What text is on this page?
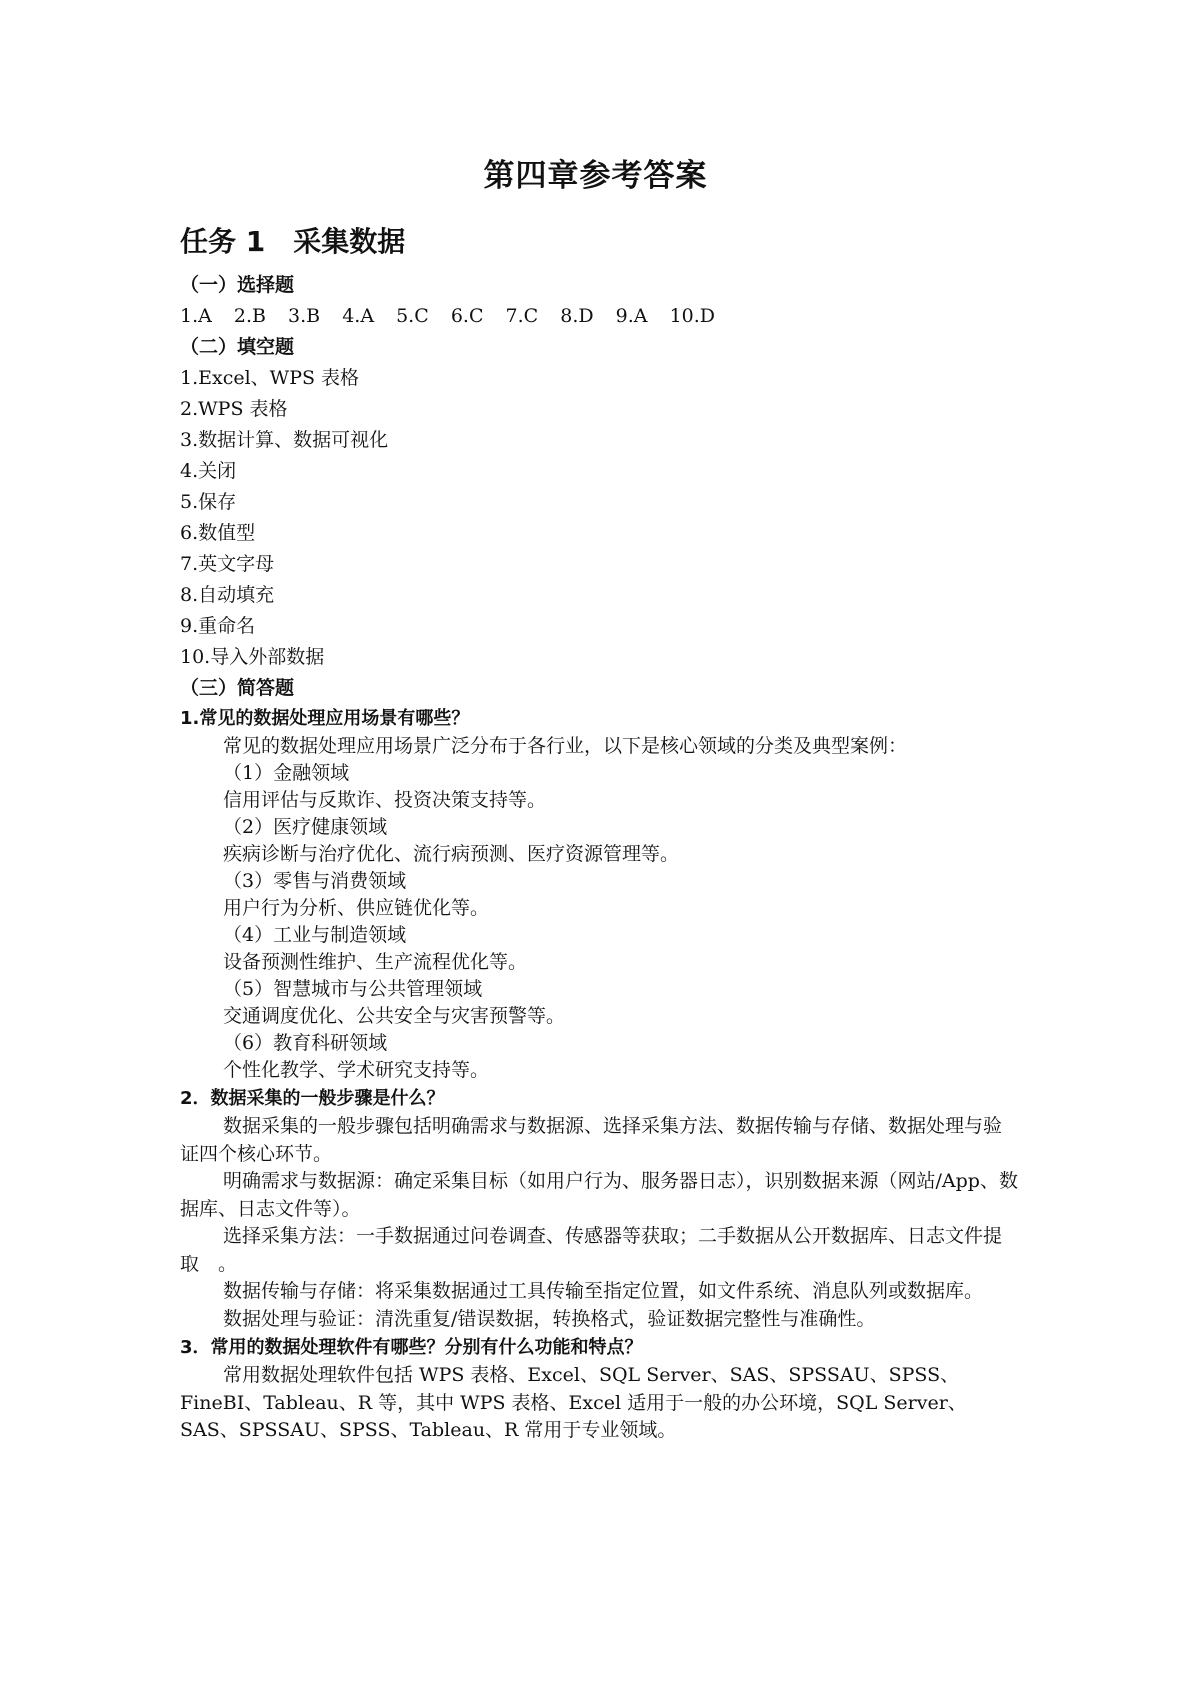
第四章参考答案
任务 1　采集数据
（一）选择题
1.A 2.B 3.B 4.A 5.C 6.C 7.C 8.D 9.A 10.D
（二）填空题
1.Excel、WPS 表格
2.WPS 表格
3.数据计算、数据可视化
4.关闭
5.保存
6.数值型
7.英文字母
8.自动填充
9.重命名
10.导入外部数据
（三）简答题
1.常见的数据处理应用场景有哪些？
常见的数据处理应用场景广泛分布于各行业，以下是核心领域的分类及典型案例：
（1）金融领域
信用评估与反欺诈、投资决策支持等。
（2）医疗健康领域
疾病诊断与治疗优化、流行病预测、医疗资源管理等。
（3）零售与消费领域
用户行为分析、供应链优化等。
（4）工业与制造领域
设备预测性维护、生产流程优化等。
（5）智慧城市与公共管理领域
交通调度优化、公共安全与灾害预警等。
（6）教育科研领域
个性化教学、学术研究支持等。
2．数据采集的一般步骤是什么？

数据采集的一般步骤包括明确需求与数据源、选择采集方法、数据传输与存储、数据处理与验证四个核心环节。

明确需求与数据源：确定采集目标（如用户行为、服务器日志），识别数据来源（网站/App、数据库、日志文件等）。

选择采集方法：一手数据通过问卷调查、传感器等获取；二手数据从公开数据库、日志文件提取　。

数据传输与存储：将采集数据通过工具传输至指定位置，如文件系统、消息队列或数据库。

数据处理与验证：清洗重复/错误数据，转换格式，验证数据完整性与准确性。

3．常用的数据处理软件有哪些？分别有什么功能和特点？

常用数据处理软件包括 WPS 表格、Excel、SQL Server、SAS、SPSSAU、SPSS、FineBI、Tableau、R 等，其中 WPS 表格、Excel 适用于一般的办公环境，SQL Server、SAS、SPSSAU、SPSS、Tableau、R 常用于专业领域。
